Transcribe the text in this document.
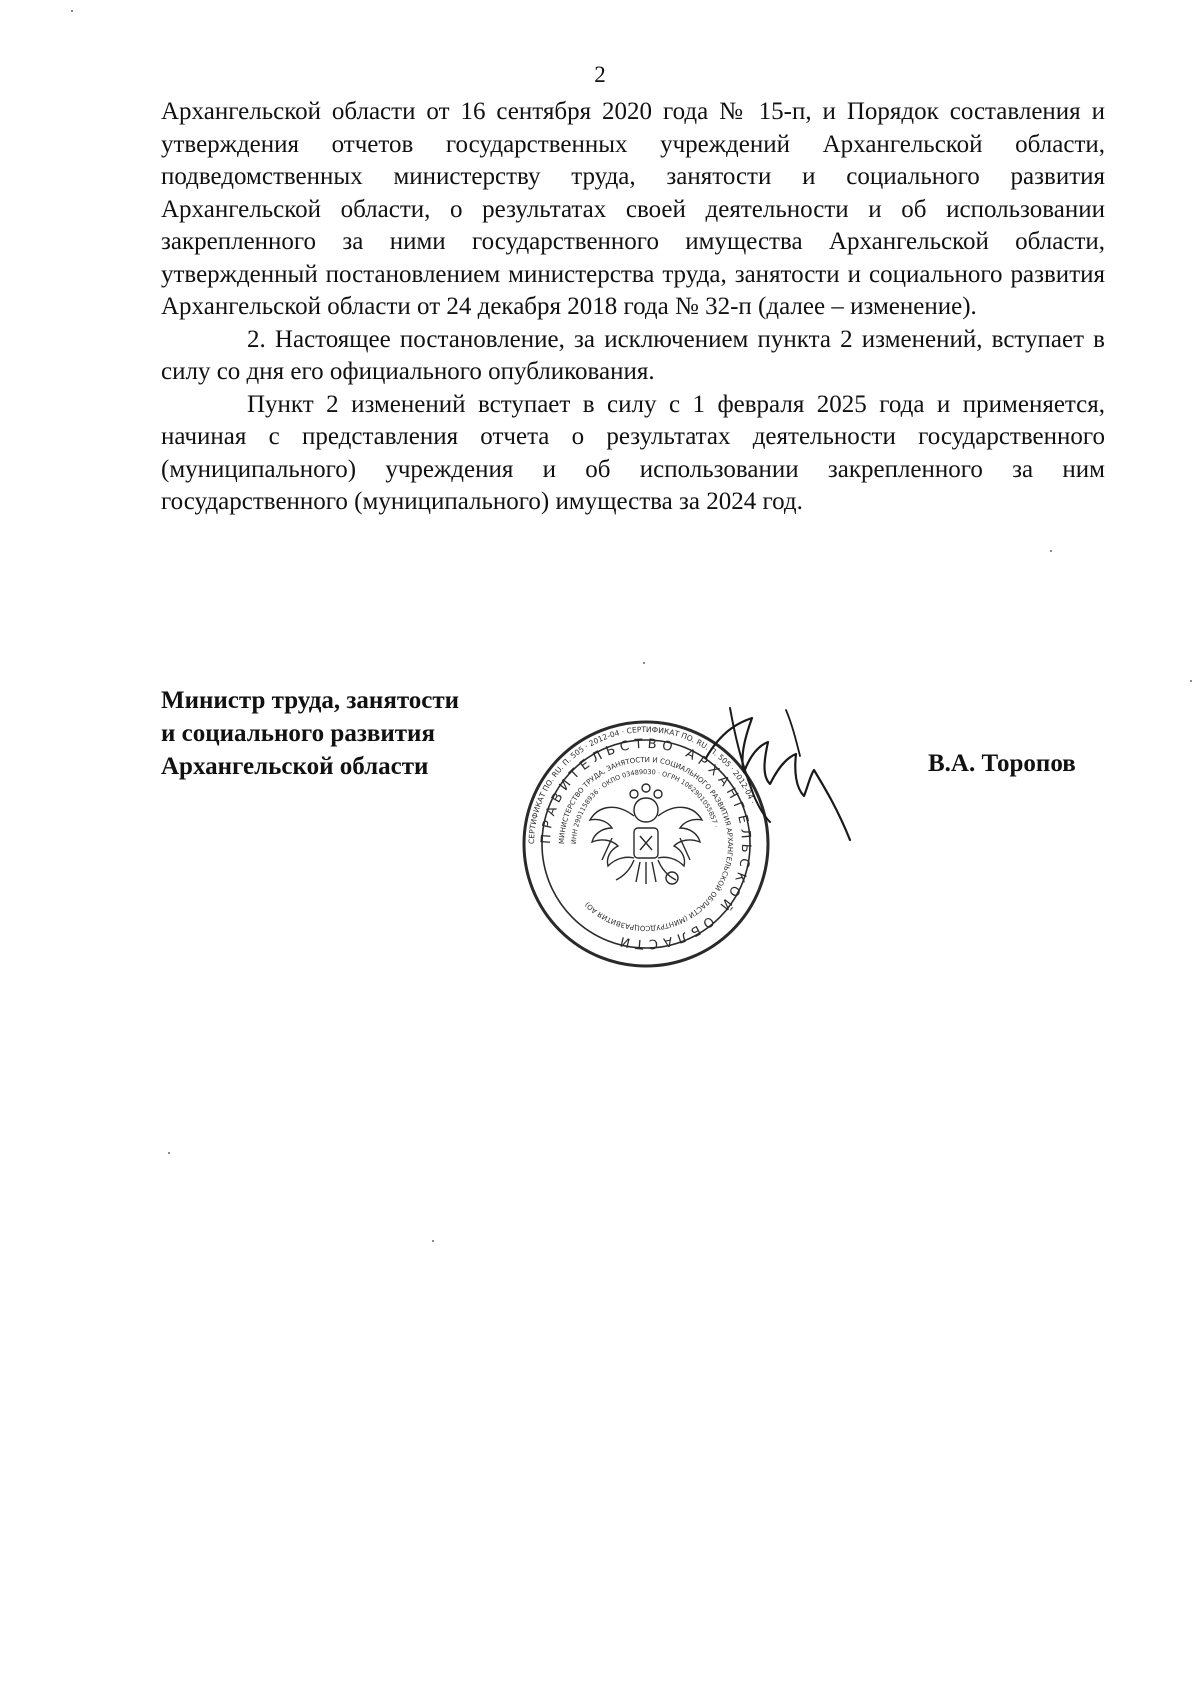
2

Архангельской области от 16 сентября 2020 года № 15-п, и Порядок составления и утверждения отчетов государственных учреждений Архангельской области, подведомственных министерству труда, занятости и социального развития Архангельской области, о результатах своей деятельности и об использовании закрепленного за ними государственного имущества Архангельской области, утвержденный постановлением министерства труда, занятости и социального развития Архангельской области от 24 декабря 2018 года № 32-п (далее – изменение).

2. Настоящее постановление, за исключением пункта 2 изменений, вступает в силу со дня его официального опубликования.

Пункт 2 изменений вступает в силу с 1 февраля 2025 года и применяется, начиная с представления отчета о результатах деятельности государственного (муниципального) учреждения и об использовании закрепленного за ним государственного (муниципального) имущества за 2024 год.

Министр труда, занятости
и социального развития
Архангельской области
СЕРТИФИКАТ ПО. RU. П. 505 · 2012-04 · СЕРТИФИКАТ ПО. RU. П. 505 · 2012-04 ·
ПРАВИТЕЛЬСТВО АРХАНГЕЛЬСКОЙ ОБЛАСТИ
МИНИСТЕРСТВО ТРУДА, ЗАНЯТОСТИ И СОЦИАЛЬНОГО РАЗВИТИЯ АРХАНГЕЛЬСКОЙ ОБЛАСТИ (МИНТРУДСОЦРАЗВИТИЯ АО)
ИНН 2901158936 · ОКПО 03489030 · ОГРН 1062901055857 ·
В.А. Торопов
